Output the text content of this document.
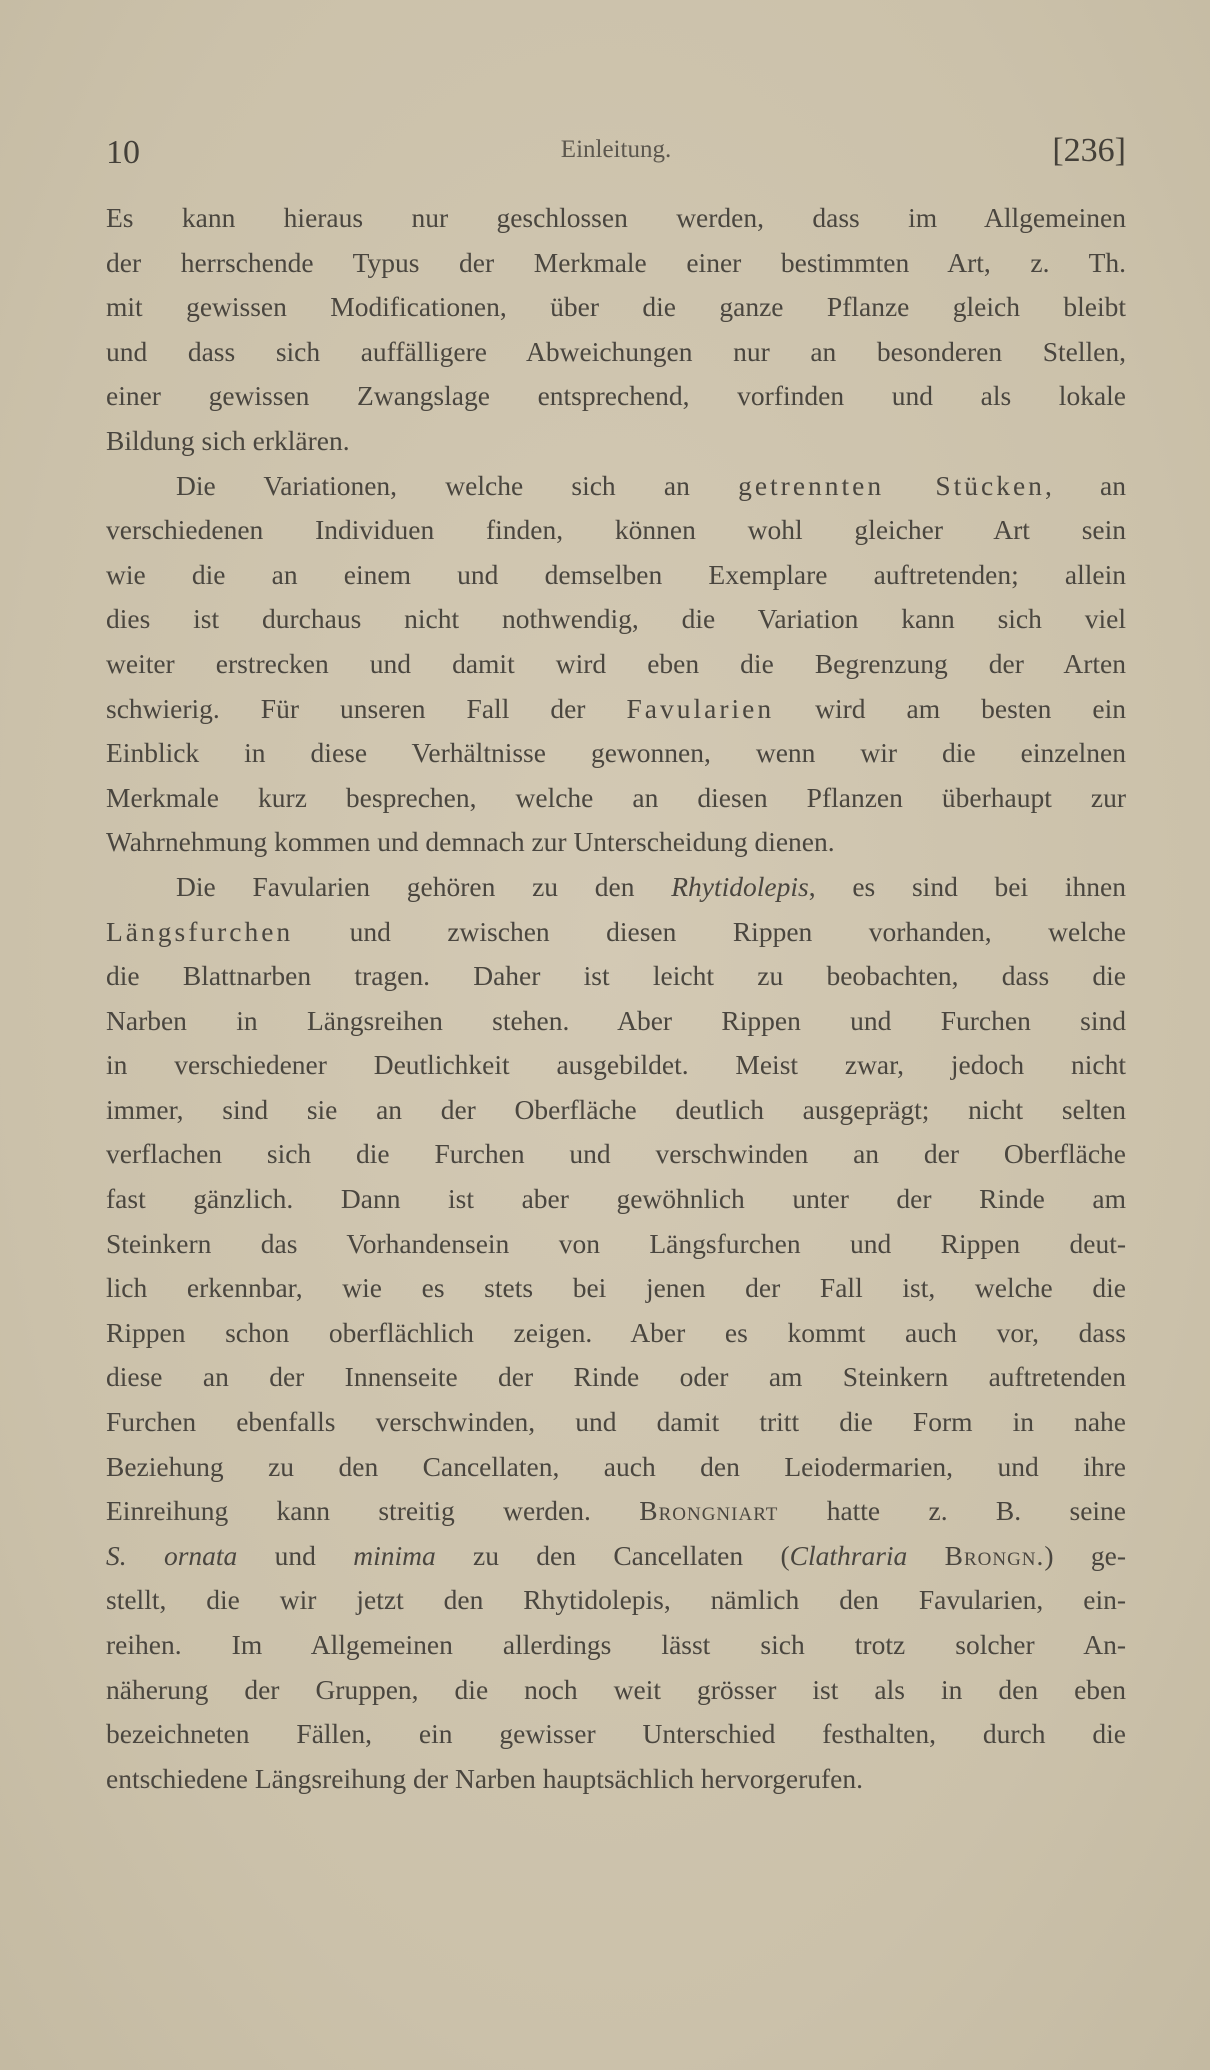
10	Einleitung.	[236]
Es kann hieraus nur geschlossen werden, dass im Allgemeinen
der herrschende Typus der Merkmale einer bestimmten Art, z. Th.
mit gewissen Modificationen, über die ganze Pflanze gleich bleibt
und dass sich auffälligere Abweichungen nur an besonderen Stellen,
einer gewissen Zwangslage entsprechend, vorfinden und als lokale
Bildung sich erklären.
Die Variationen, welche sich an getrennten Stücken, an
verschiedenen Individuen finden, können wohl gleicher Art sein
wie die an einem und demselben Exemplare auftretenden; allein
dies ist durchaus nicht nothwendig, die Variation kann sich viel
weiter erstrecken und damit wird eben die Begrenzung der Arten
schwierig. Für unseren Fall der Favularien wird am besten ein
Einblick in diese Verhältnisse gewonnen, wenn wir die einzelnen
Merkmale kurz besprechen, welche an diesen Pflanzen überhaupt zur
Wahrnehmung kommen und demnach zur Unterscheidung dienen.
Die Favularien gehören zu den Rhytidolepis, es sind bei ihnen
Längsfurchen und zwischen diesen Rippen vorhanden, welche
die Blattnarben tragen. Daher ist leicht zu beobachten, dass die
Narben in Längsreihen stehen. Aber Rippen und Furchen sind
in verschiedener Deutlichkeit ausgebildet. Meist zwar, jedoch nicht
immer, sind sie an der Oberfläche deutlich ausgeprägt; nicht selten
verflachen sich die Furchen und verschwinden an der Oberfläche
fast gänzlich. Dann ist aber gewöhnlich unter der Rinde am
Steinkern das Vorhandensein von Längsfurchen und Rippen deut-
lich erkennbar, wie es stets bei jenen der Fall ist, welche die
Rippen schon oberflächlich zeigen. Aber es kommt auch vor, dass
diese an der Innenseite der Rinde oder am Steinkern auftretenden
Furchen ebenfalls verschwinden, und damit tritt die Form in nahe
Beziehung zu den Cancellaten, auch den Leiodermarien, und ihre
Einreihung kann streitig werden. Brongniart hatte z. B. seine
S. ornata und minima zu den Cancellaten (Clathraria Brongn.) ge-
stellt, die wir jetzt den Rhytidolepis, nämlich den Favularien, ein-
reihen. Im Allgemeinen allerdings lässt sich trotz solcher An-
näherung der Gruppen, die noch weit grösser ist als in den eben
bezeichneten Fällen, ein gewisser Unterschied festhalten, durch die
entschiedene Längsreihung der Narben hauptsächlich hervorgerufen.
